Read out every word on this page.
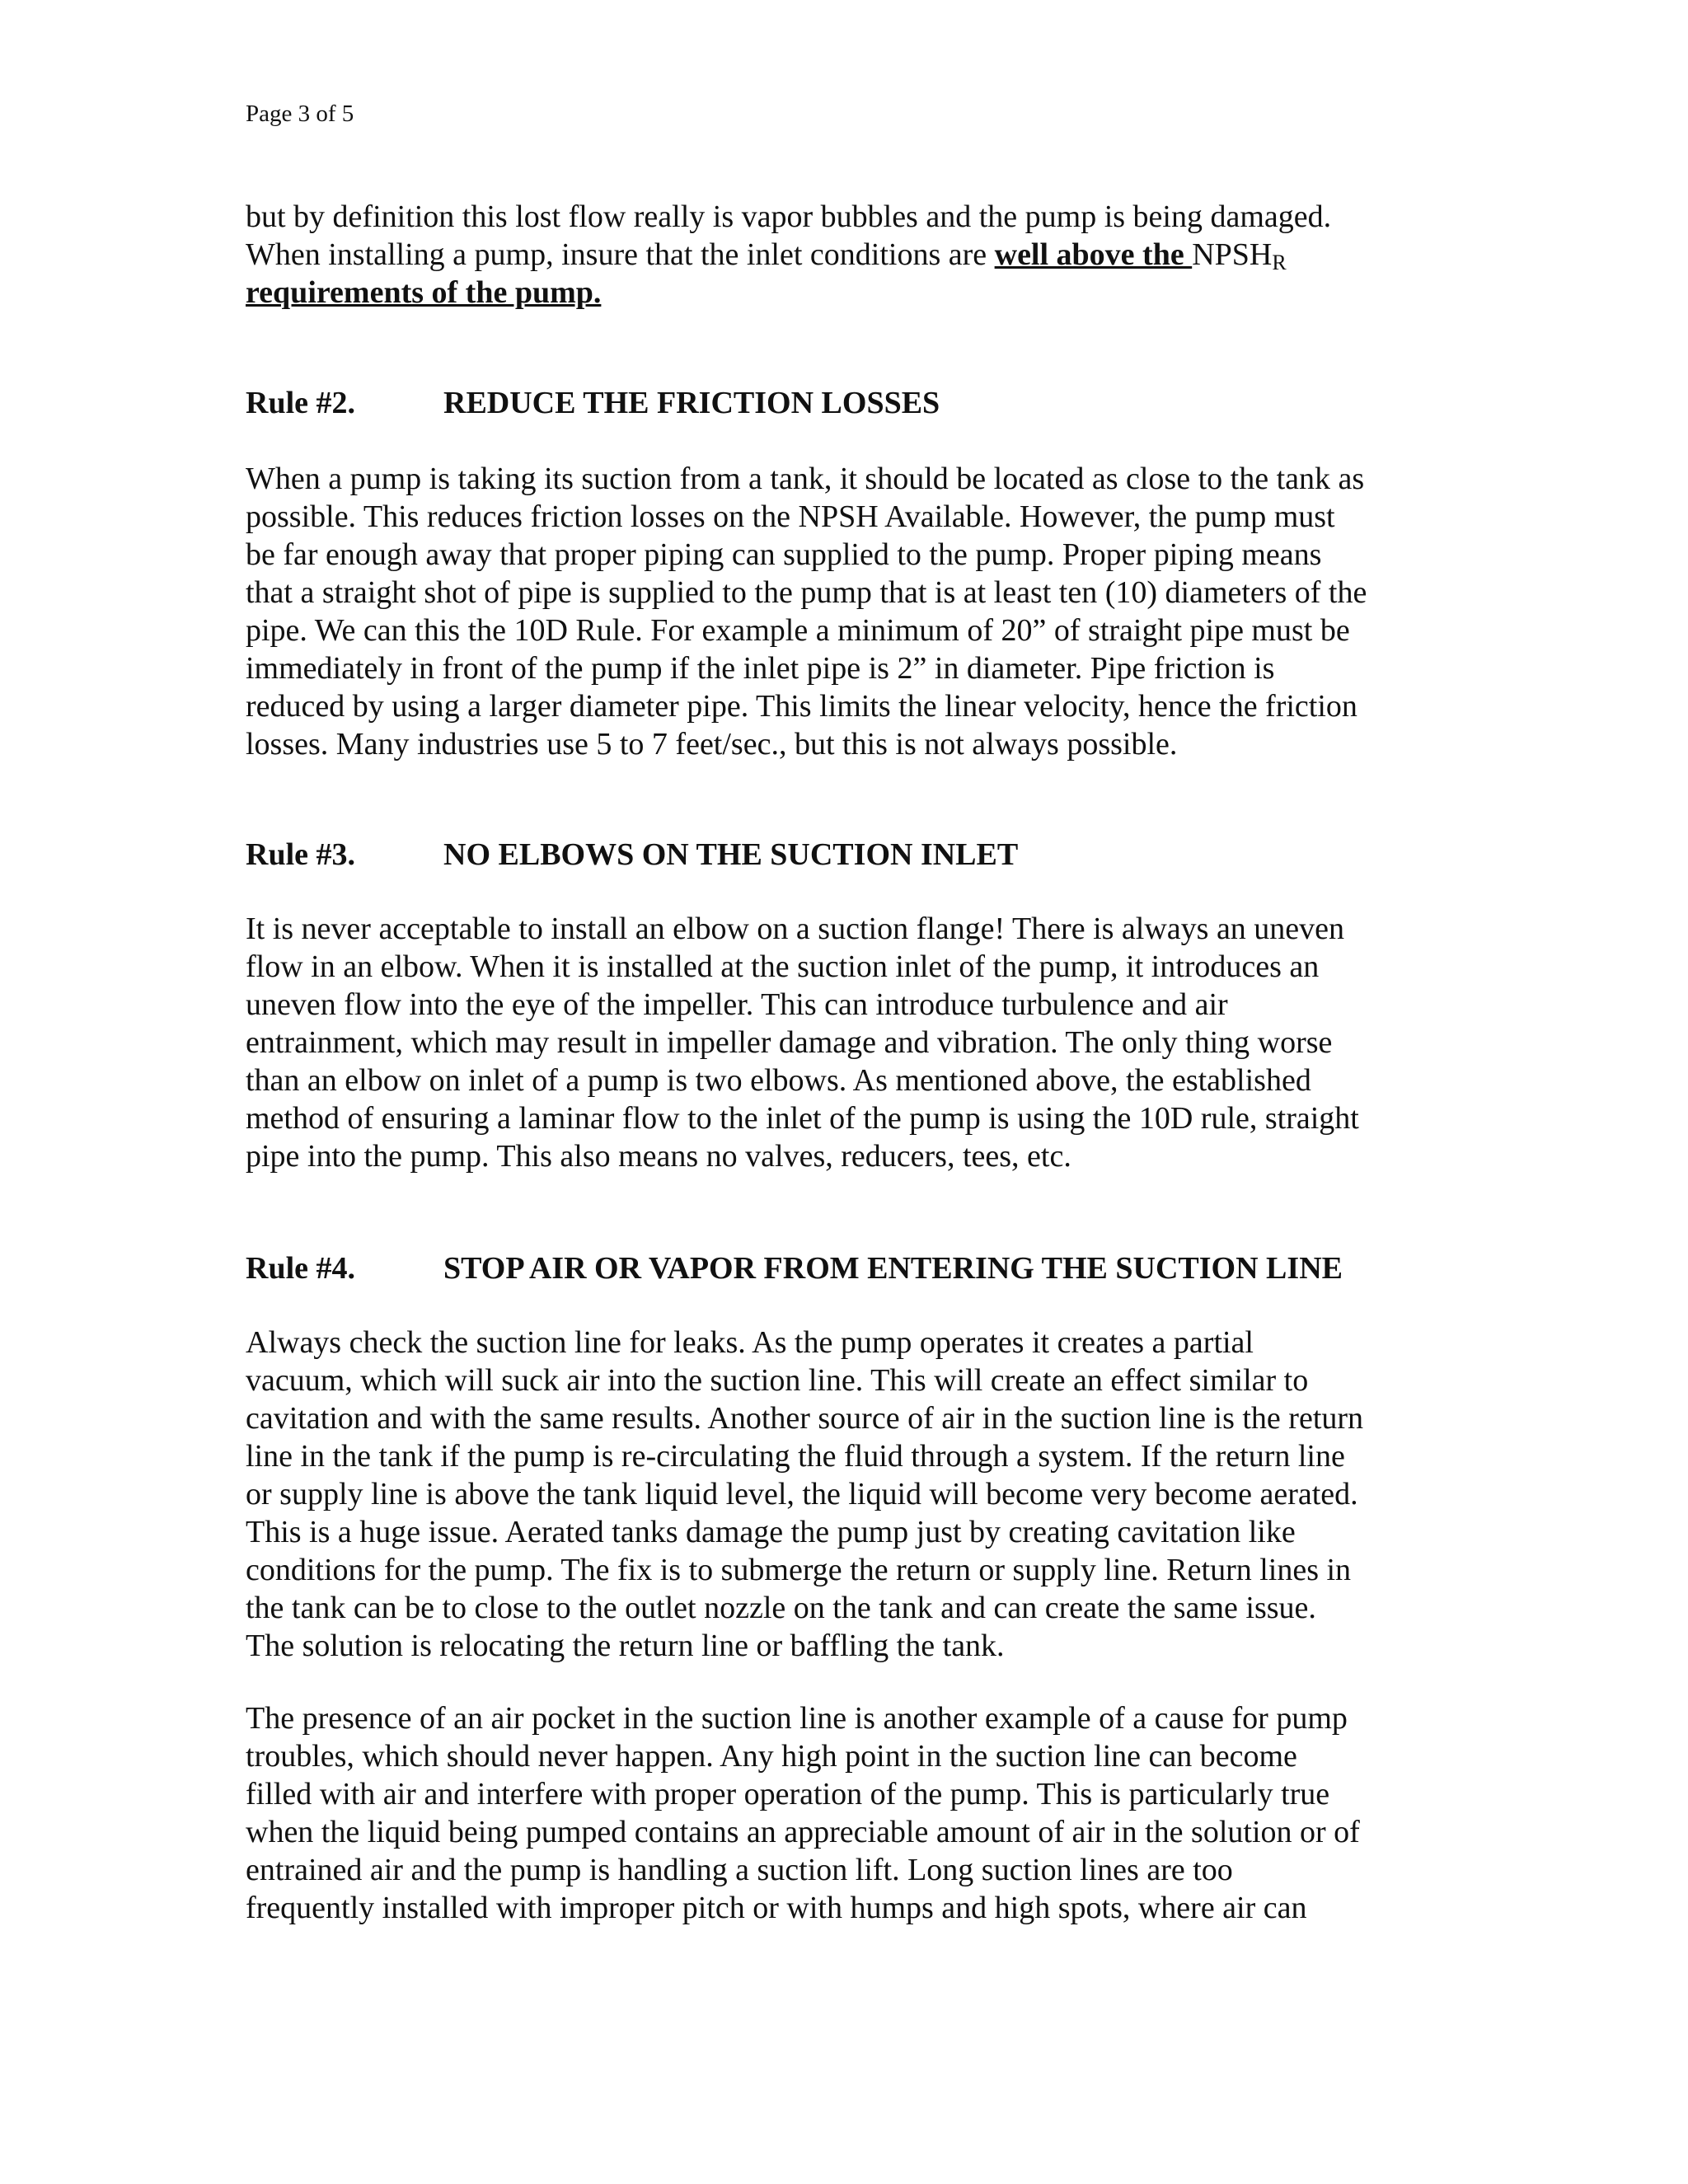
Page 3 of 5
but by definition this lost flow really is vapor bubbles and the pump is being damaged.
When installing a pump, insure that the inlet conditions are well above the $NPSH_R$
requirements of the pump.
Rule #2.	REDUCE THE FRICTION LOSSES
When a pump is taking its suction from a tank, it should be located as close to the tank as
possible. This reduces friction losses on the NPSH Available. However, the pump must
be far enough away that proper piping can supplied to the pump. Proper piping means
that a straight shot of pipe is supplied to the pump that is at least ten (10) diameters of the
pipe. We can this the 10D Rule. For example a minimum of 20” of straight pipe must be
immediately in front of the pump if the inlet pipe is 2” in diameter. Pipe friction is
reduced by using a larger diameter pipe. This limits the linear velocity, hence the friction
losses. Many industries use 5 to 7 feet/sec., but this is not always possible.
Rule #3.	NO ELBOWS ON THE SUCTION INLET
It is never acceptable to install an elbow on a suction flange! There is always an uneven
flow in an elbow. When it is installed at the suction inlet of the pump, it introduces an
uneven flow into the eye of the impeller. This can introduce turbulence and air
entrainment, which may result in impeller damage and vibration. The only thing worse
than an elbow on inlet of a pump is two elbows. As mentioned above, the established
method of ensuring a laminar flow to the inlet of the pump is using the 10D rule, straight
pipe into the pump. This also means no valves, reducers, tees, etc.
Rule #4.	STOP AIR OR VAPOR FROM ENTERING THE SUCTION LINE
Always check the suction line for leaks. As the pump operates it creates a partial
vacuum, which will suck air into the suction line. This will create an effect similar to
cavitation and with the same results. Another source of air in the suction line is the return
line in the tank if the pump is re-circulating the fluid through a system. If the return line
or supply line is above the tank liquid level, the liquid will become very become aerated.
This is a huge issue. Aerated tanks damage the pump just by creating cavitation like
conditions for the pump. The fix is to submerge the return or supply line. Return lines in
the tank can be to close to the outlet nozzle on the tank and can create the same issue.
The solution is relocating the return line or baffling the tank.
The presence of an air pocket in the suction line is another example of a cause for pump
troubles, which should never happen. Any high point in the suction line can become
filled with air and interfere with proper operation of the pump. This is particularly true
when the liquid being pumped contains an appreciable amount of air in the solution or of
entrained air and the pump is handling a suction lift. Long suction lines are too
frequently installed with improper pitch or with humps and high spots, where air can
